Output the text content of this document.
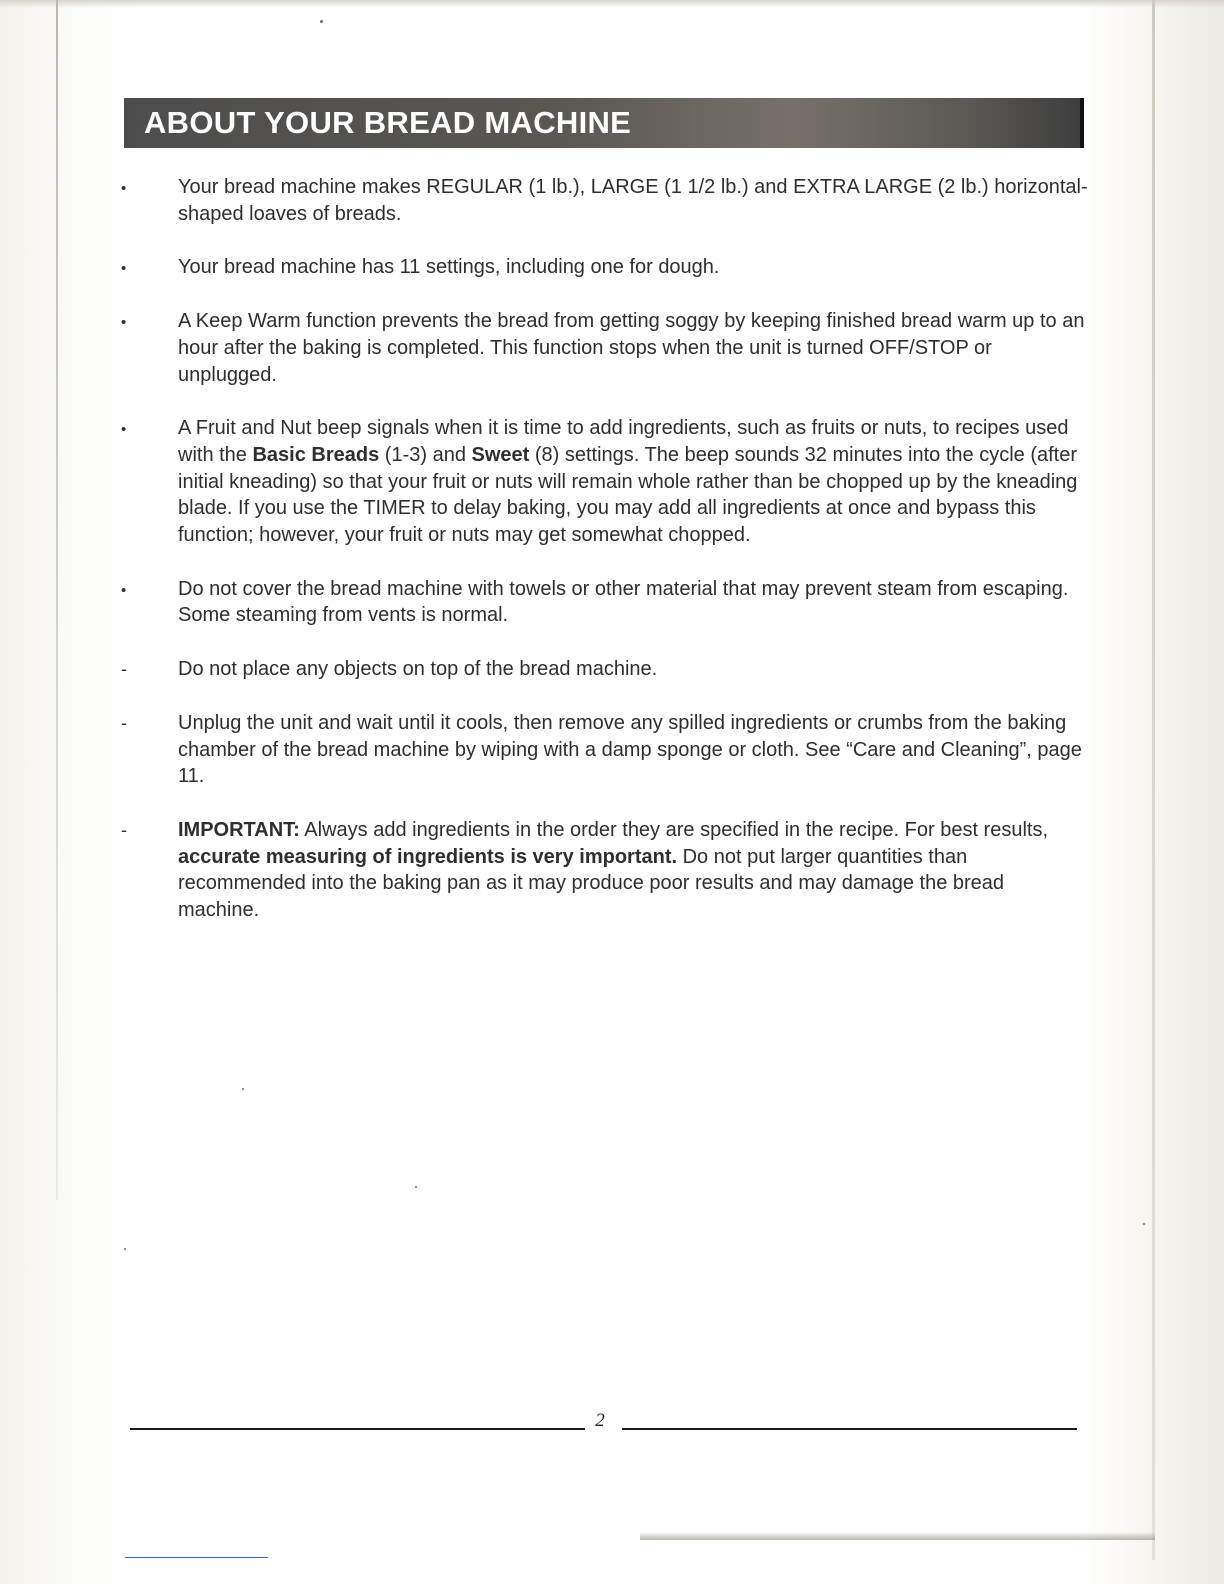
ABOUT YOUR BREAD MACHINE
•	Your bread machine makes REGULAR (1 lb.), LARGE (1 1/2 lb.) and EXTRA LARGE (2 lb.) horizontal-shaped loaves of breads.
•	Your bread machine has 11 settings, including one for dough.
•	A Keep Warm function prevents the bread from getting soggy by keeping finished bread warm up to an hour after the baking is completed. This function stops when the unit is turned OFF/STOP or unplugged.
•	A Fruit and Nut beep signals when it is time to add ingredients, such as fruits or nuts, to recipes used with the Basic Breads (1-3) and Sweet (8) settings. The beep sounds 32 minutes into the cycle (after initial kneading) so that your fruit or nuts will remain whole rather than be chopped up by the kneading blade. If you use the TIMER to delay baking, you may add all ingredients at once and bypass this function; however, your fruit or nuts may get somewhat chopped.
•	Do not cover the bread machine with towels or other material that may prevent steam from escaping. Some steaming from vents is normal.
-	Do not place any objects on top of the bread machine.
-	Unplug the unit and wait until it cools, then remove any spilled ingredients or crumbs from the baking chamber of the bread machine by wiping with a damp sponge or cloth. See “Care and Cleaning”, page 11.
-	IMPORTANT: Always add ingredients in the order they are specified in the recipe. For best results, accurate measuring of ingredients is very important. Do not put larger quantities than recommended into the baking pan as it may produce poor results and may damage the bread machine.
2
